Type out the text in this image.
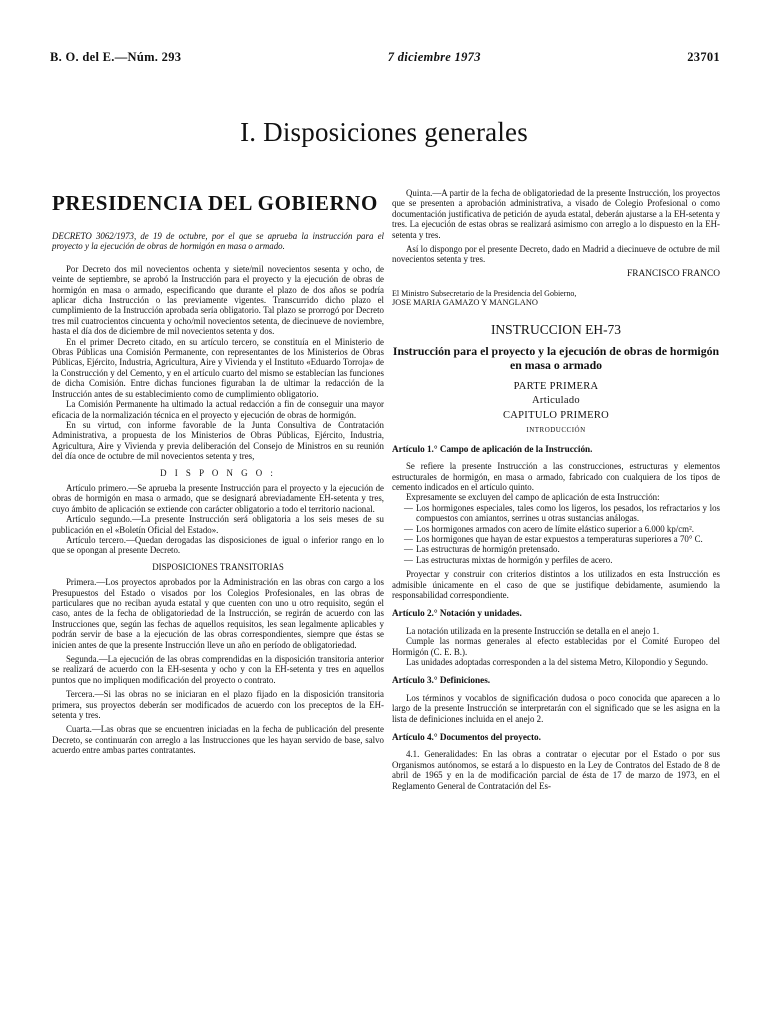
B. O. del E.—Núm. 293	7 diciembre 1973	23701
I. Disposiciones generales
PRESIDENCIA DEL GOBIERNO

DECRETO 3062/1973, de 19 de octubre, por el que se aprueba la instrucción para el proyecto y la ejecución de obras de hormigón en masa o armado.

Por Decreto dos mil novecientos ochenta y siete/mil novecientos sesenta y ocho, de veinte de septiembre, se aprobó la Instrucción para el proyecto y la ejecución de obras de hormigón en masa o armado, especificando que durante el plazo de dos años se podría aplicar dicha Instrucción o las previamente vigentes. Transcurrido dicho plazo el cumplimiento de la Instrucción aprobada sería obligatorio. Tal plazo se prorrogó por Decreto tres mil cuatrocientos cincuenta y ocho/mil novecientos setenta, de diecinueve de noviembre, hasta el día dos de diciembre de mil novecientos setenta y dos.

En el primer Decreto citado, en su artículo tercero, se constituía en el Ministerio de Obras Públicas una Comisión Permanente, con representantes de los Ministerios de Obras Públicas, Ejército, Industria, Agricultura, Aire y Vivienda y el Instituto «Eduardo Torroja» de la Construcción y del Cemento, y en el artículo cuarto del mismo se establecían las funciones de dicha Comisión. Entre dichas funciones figuraban la de ultimar la redacción de la Instrucción antes de su establecimiento como de cumplimiento obligatorio.

La Comisión Permanente ha ultimado la actual redacción a fin de conseguir una mayor eficacia de la normalización técnica en el proyecto y ejecución de obras de hormigón.

En su virtud, con informe favorable de la Junta Consultiva de Contratación Administrativa, a propuesta de los Ministerios de Obras Públicas, Ejército, Industria, Agricultura, Aire y Vivienda y previa deliberación del Consejo de Ministros en su reunión del día once de octubre de mil novecientos setenta y tres,

D I S P O N G O :

Artículo primero.—Se aprueba la presente Instrucción para el proyecto y la ejecución de obras de hormigón en masa o armado, que se designará abreviadamente EH-setenta y tres, cuyo ámbito de aplicación se extiende con carácter obligatorio a todo el territorio nacional.

Artículo segundo.—La presente Instrucción será obligatoria a los seis meses de su publicación en el «Boletín Oficial del Estado».

Artículo tercero.—Quedan derogadas las disposiciones de igual o inferior rango en lo que se opongan al presente Decreto.

DISPOSICIONES TRANSITORIAS

Primera.—Los proyectos aprobados por la Administración en las obras con cargo a los Presupuestos del Estado o visados por los Colegios Profesionales, en las obras de particulares que no reciban ayuda estatal y que cuenten con uno u otro requisito, según el caso, antes de la fecha de obligatoriedad de la Instrucción, se regirán de acuerdo con las Instrucciones que, según las fechas de aquellos requisitos, les sean legalmente aplicables y podrán servir de base a la ejecución de las obras correspondientes, siempre que éstas se inicien antes de que la presente Instrucción lleve un año en período de obligatoriedad.

Segunda.—La ejecución de las obras comprendidas en la disposición transitoria anterior se realizará de acuerdo con la EH-sesenta y ocho y con la EH-setenta y tres en aquellos puntos que no impliquen modificación del proyecto o contrato.

Tercera.—Si las obras no se iniciaran en el plazo fijado en la disposición transitoria primera, sus proyectos deberán ser modificados de acuerdo con los preceptos de la EH-setenta y tres.

Cuarta.—Las obras que se encuentren iniciadas en la fecha de publicación del presente Decreto, se continuarán con arreglo a las Instrucciones que les hayan servido de base, salvo acuerdo entre ambas partes contratantes.

Quinta.—A partir de la fecha de obligatoriedad de la presente Instrucción, los proyectos que se presenten a aprobación administrativa, a visado de Colegio Profesional o como documentación justificativa de petición de ayuda estatal, deberán ajustarse a la EH-setenta y tres. La ejecución de estas obras se realizará asimismo con arreglo a lo dispuesto en la EH-setenta y tres.

Así lo dispongo por el presente Decreto, dado en Madrid a diecinueve de octubre de mil novecientos setenta y tres.

FRANCISCO FRANCO

El Ministro Subsecretario de la Presidencia del Gobierno,

JOSE MARIA GAMAZO Y MANGLANO

INSTRUCCION EH-73

Instrucción para el proyecto y la ejecución de obras de hormigón en masa o armado

PARTE PRIMERA

Articulado

CAPITULO PRIMERO

INTRODUCCIÓN

Artículo 1.° Campo de aplicación de la Instrucción.

Se refiere la presente Instrucción a las construcciones, estructuras y elementos estructurales de hormigón, en masa o armado, fabricado con cualquiera de los tipos de cemento indicados en el artículo quinto.

Expresamente se excluyen del campo de aplicación de esta Instrucción:

— Los hormigones especiales, tales como los ligeros, los pesados, los refractarios y los compuestos con amiantos, serrines u otras sustancias análogas.

— Los hormigones armados con acero de límite elástico superior a 6.000 kp/cm².

— Los hormigones que hayan de estar expuestos a temperaturas superiores a 70° C.

— Las estructuras de hormigón pretensado.

— Las estructuras mixtas de hormigón y perfiles de acero.

Proyectar y construir con criterios distintos a los utilizados en esta Instrucción es admisible únicamente en el caso de que se justifique debidamente, asumiendo la responsabilidad correspondiente.

Artículo 2.° Notación y unidades.

La notación utilizada en la presente Instrucción se detalla en el anejo 1.

Cumple las normas generales al efecto establecidas por el Comité Europeo del Hormigón (C. E. B.).

Las unidades adoptadas corresponden a la del sistema Metro, Kilopondio y Segundo.

Artículo 3.° Definiciones.

Los términos y vocablos de significación dudosa o poco conocida que aparecen a lo largo de la presente Instrucción se interpretarán con el significado que se les asigna en la lista de definiciones incluida en el anejo 2.

Artículo 4.° Documentos del proyecto.

4.1. Generalidades: En las obras a contratar o ejecutar por el Estado o por sus Organismos autónomos, se estará a lo dispuesto en la Ley de Contratos del Estado de 8 de abril de 1965 y en la de modificación parcial de ésta de 17 de marzo de 1973, en el Reglamento General de Contratación del Es-
